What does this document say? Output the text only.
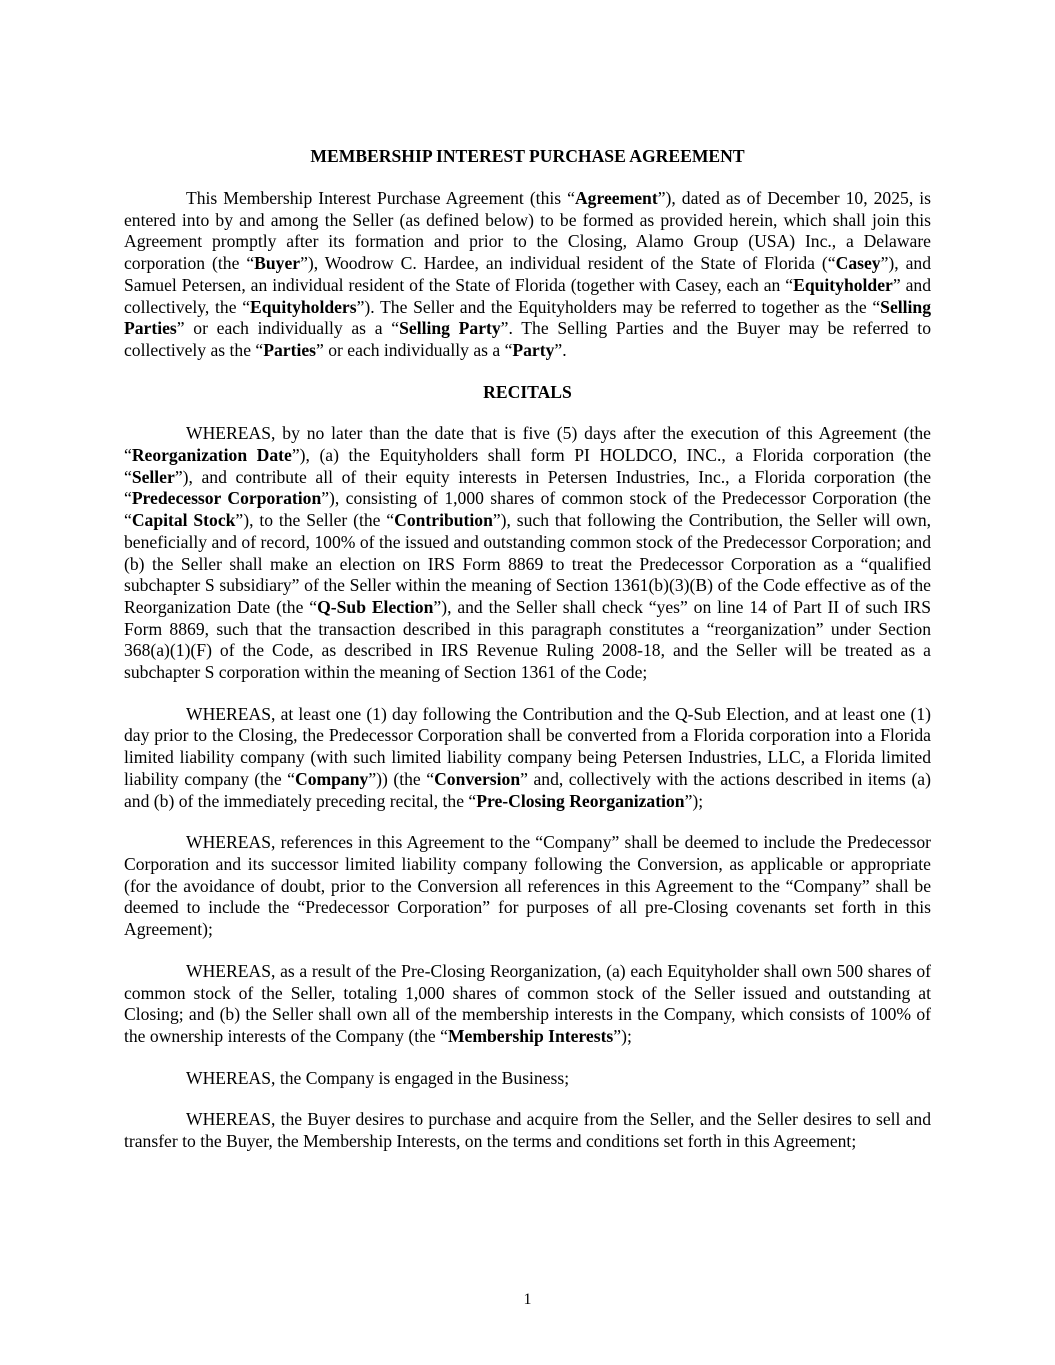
MEMBERSHIP INTEREST PURCHASE AGREEMENT

This Membership Interest Purchase Agreement (this “Agreement”), dated as of December 10, 2025, is entered into by and among the Seller (as defined below) to be formed as provided herein, which shall join this Agreement promptly after its formation and prior to the Closing, Alamo Group (USA) Inc., a Delaware corporation (the “Buyer”), Woodrow C. Hardee, an individual resident of the State of Florida (“Casey”), and Samuel Petersen, an individual resident of the State of Florida (together with Casey, each an “Equityholder” and collectively, the “Equityholders”). The Seller and the Equityholders may be referred to together as the “Selling Parties” or each individually as a “Selling Party”. The Selling Parties and the Buyer may be referred to collectively as the “Parties” or each individually as a “Party”.

RECITALS

WHEREAS, by no later than the date that is five (5) days after the execution of this Agreement (the “Reorganization Date”), (a) the Equityholders shall form PI HOLDCO, INC., a Florida corporation (the “Seller”), and contribute all of their equity interests in Petersen Industries, Inc., a Florida corporation (the “Predecessor Corporation”), consisting of 1,000 shares of common stock of the Predecessor Corporation (the “Capital Stock”), to the Seller (the “Contribution”), such that following the Contribution, the Seller will own, beneficially and of record, 100% of the issued and outstanding common stock of the Predecessor Corporation; and (b) the Seller shall make an election on IRS Form 8869 to treat the Predecessor Corporation as a “qualified subchapter S subsidiary” of the Seller within the meaning of Section 1361(b)(3)(B) of the Code effective as of the Reorganization Date (the “Q-Sub Election”), and the Seller shall check “yes” on line 14 of Part II of such IRS Form 8869, such that the transaction described in this paragraph constitutes a “reorganization” under Section 368(a)(1)(F) of the Code, as described in IRS Revenue Ruling 2008-18, and the Seller will be treated as a subchapter S corporation within the meaning of Section 1361 of the Code;

WHEREAS, at least one (1) day following the Contribution and the Q-Sub Election, and at least one (1) day prior to the Closing, the Predecessor Corporation shall be converted from a Florida corporation into a Florida limited liability company (with such limited liability company being Petersen Industries, LLC, a Florida limited liability company (the “Company”)) (the “Conversion” and, collectively with the actions described in items (a) and (b) of the immediately preceding recital, the “Pre-Closing Reorganization”);

WHEREAS, references in this Agreement to the “Company” shall be deemed to include the Predecessor Corporation and its successor limited liability company following the Conversion, as applicable or appropriate (for the avoidance of doubt, prior to the Conversion all references in this Agreement to the “Company” shall be deemed to include the “Predecessor Corporation” for purposes of all pre-Closing covenants set forth in this Agreement);

WHEREAS, as a result of the Pre-Closing Reorganization, (a) each Equityholder shall own 500 shares of common stock of the Seller, totaling 1,000 shares of common stock of the Seller issued and outstanding at Closing; and (b) the Seller shall own all of the membership interests in the Company, which consists of 100% of the ownership interests of the Company (the “Membership Interests”);

WHEREAS, the Company is engaged in the Business;

WHEREAS, the Buyer desires to purchase and acquire from the Seller, and the Seller desires to sell and transfer to the Buyer, the Membership Interests, on the terms and conditions set forth in this Agreement;

1
